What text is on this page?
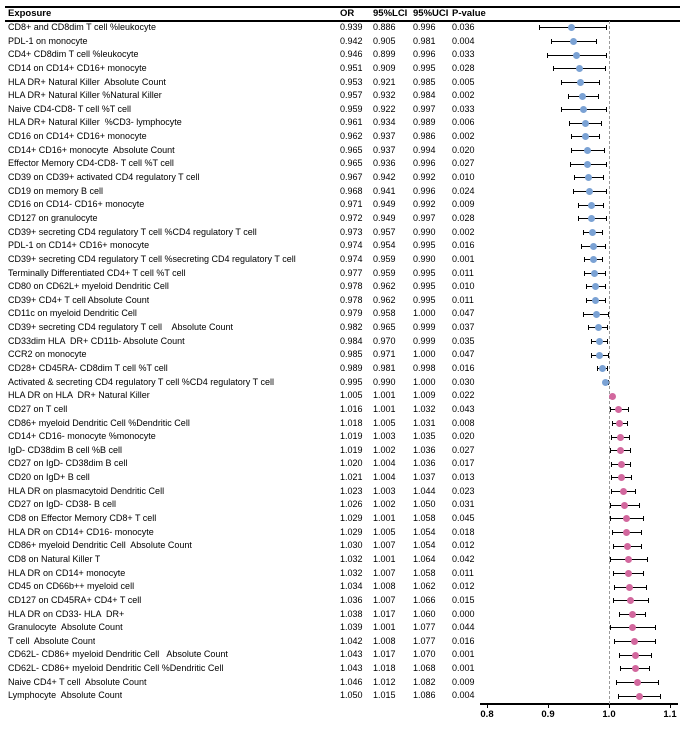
Exposure	OR 95%LCI 95%UCI P-value
CD8+ and CD8dim T cell %leukocyte	0.939 0.886 0.996 0.036
PDL-1 on monocyte	0.942 0.905 0.981 0.004
CD4+ CD8dim T cell %leukocyte	0.946 0.899 0.996 0.033
CD14 on CD14+ CD16+ monocyte	0.951 0.909 0.995 0.028
HLA DR+ Natural Killer  Absolute Count	0.953 0.921 0.985 0.005
HLA DR+ Natural Killer %Natural Killer	0.957 0.932 0.984 0.002
Naive CD4-CD8- T cell %T cell	0.959 0.922 0.997 0.033
HLA DR+ Natural Killer  %CD3- lymphocyte	0.961 0.934 0.989 0.006
CD16 on CD14+ CD16+ monocyte	0.962 0.937 0.986 0.002
CD14+ CD16+ monocyte  Absolute Count	0.965 0.937 0.994 0.020
Effector Memory CD4-CD8- T cell %T cell	0.965 0.936 0.996 0.027
CD39 on CD39+ activated CD4 regulatory T cell	0.967 0.942 0.992 0.010
CD19 on memory B cell	0.968 0.941 0.996 0.024
CD16 on CD14- CD16+ monocyte	0.971 0.949 0.992 0.009
CD127 on granulocyte	0.972 0.949 0.997 0.028
CD39+ secreting CD4 regulatory T cell %CD4 regulatory T cell	0.973 0.957 0.990 0.002
PDL-1 on CD14+ CD16+ monocyte	0.974 0.954 0.995 0.016
CD39+ secreting CD4 regulatory T cell %secreting CD4 regulatory T cell	0.974 0.959 0.990 0.001
Terminally Differentiated CD4+ T cell %T cell	0.977 0.959 0.995 0.011
CD80 on CD62L+ myeloid Dendritic Cell	0.978 0.962 0.995 0.010
CD39+ CD4+ T cell Absolute Count	0.978 0.962 0.995 0.011
CD11c on myeloid Dendritic Cell	0.979 0.958 1.000 0.047
CD39+ secreting CD4 regulatory T cell    Absolute Count	0.982 0.965 0.999 0.037
CD33dim HLA  DR+ CD11b- Absolute Count	0.984 0.970 0.999 0.035
CCR2 on monocyte	0.985 0.971 1.000 0.047
CD28+ CD45RA- CD8dim T cell %T cell	0.989 0.981 0.998 0.016
Activated & secreting CD4 regulatory T cell %CD4 regulatory T cell	0.995 0.990 1.000 0.030
HLA DR on HLA  DR+ Natural Killer	1.005 1.001 1.009 0.022
CD27 on T cell	1.016 1.001 1.032 0.043
CD86+ myeloid Dendritic Cell %Dendritic Cell	1.018 1.005 1.031 0.008
CD14+ CD16- monocyte %monocyte	1.019 1.003 1.035 0.020
IgD- CD38dim B cell %B cell	1.019 1.002 1.036 0.027
CD27 on IgD- CD38dim B cell	1.020 1.004 1.036 0.017
CD20 on IgD+ B cell	1.021 1.004 1.037 0.013
HLA DR on plasmacytoid Dendritic Cell	1.023 1.003 1.044 0.023
CD27 on IgD- CD38- B cell	1.026 1.002 1.050 0.031
CD8 on Effector Memory CD8+ T cell	1.029 1.001 1.058 0.045
HLA DR on CD14+ CD16- monocyte	1.029 1.005 1.054 0.018
CD86+ myeloid Dendritic Cell  Absolute Count	1.030 1.007 1.054 0.012
CD8 on Natural Killer T	1.032 1.001 1.064 0.042
HLA DR on CD14+ monocyte	1.032 1.007 1.058 0.011
CD45 on CD66b++ myeloid cell	1.034 1.008 1.062 0.012
CD127 on CD45RA+ CD4+ T cell	1.036 1.007 1.066 0.015
HLA DR on CD33- HLA  DR+	1.038 1.017 1.060 0.000
Granulocyte  Absolute Count	1.039 1.001 1.077 0.044
T cell  Absolute Count	1.042 1.008 1.077 0.016
CD62L- CD86+ myeloid Dendritic Cell   Absolute Count	1.043 1.017 1.070 0.001
CD62L- CD86+ myeloid Dendritic Cell %Dendritic Cell	1.043 1.018 1.068 0.001
Naive CD4+ T cell  Absolute Count	1.046 1.012 1.082 0.009
Lymphocyte  Absolute Count	1.050 1.015 1.086 0.004
0.8	0.9	1.0	1.1
